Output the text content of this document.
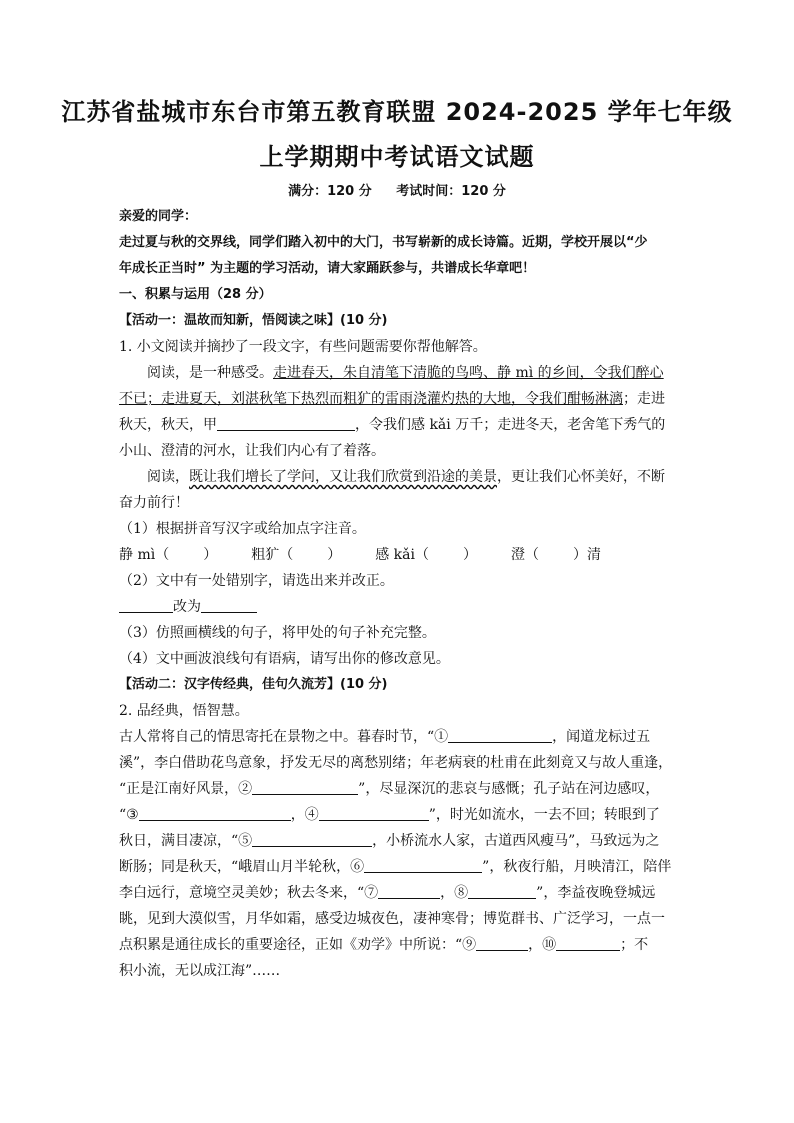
江苏省盐城市东台市第五教育联盟 2024-2025 学年七年级
上学期期中考试语文试题
满分：120 分 考试时间：120 分
亲爱的同学：
走过夏与秋的交界线，同学们踏入初中的大门，书写崭新的成长诗篇。近期，学校开展以“少
年成长正当时” 为主题的学习活动，请大家踊跃参与，共谱成长华章吧！
一、积累与运用（28 分）
【活动一：温故而知新，悟阅读之味】(10 分)
1. 小文阅读并摘抄了一段文字，有些问题需要你帮他解答。
阅读，是一种感受。走进春天，朱自清笔下清脆的鸟鸣、静 mì 的乡间，令我们醉心
不已；走进夏天，刘湛秋笔下热烈而粗犷的雷雨浇灌灼热的大地，令我们酣畅淋漓；走进
秋天，秋天，甲	，令我们感 kǎi 万千；走进冬天，老舍笔下秀气的
小山、澄清的河水，让我们内心有了着落。
阅读，既让我们增长了学问，又让我们欣赏到沿途的美景，更让我们心怀美好，不断
奋力前行！
（1）根据拼音写汉字或给加点字注音。
静 mì（ ） 粗犷（ ） 感 kǎi（ ） 澄（ ）清
（2）文中有一处错别字，请选出来并改正。
改为
（3）仿照画横线的句子，将甲处的句子补充完整。
（4）文中画波浪线句有语病，请写出你的修改意见。
【活动二：汉字传经典，佳句久流芳】(10 分)
2. 品经典，悟智慧。
古人常将自己的情思寄托在景物之中。暮春时节，“①	，闻道龙标过五
溪”，李白借助花鸟意象，抒发无尽的离愁别绪；年老病衰的杜甫在此刻竟又与故人重逢，
“正是江南好风景，②	”，尽显深沉的悲哀与感慨；孔子站在河边感叹，
“③	，④	”，时光如流水，一去不回；转眼到了
秋日，满目凄凉，“⑤	，小桥流水人家，古道西风瘦马”，马致远为之
断肠；同是秋天，“峨眉山月半轮秋，⑥	”，秋夜行船，月映清江，陪伴
李白远行，意境空灵美妙；秋去冬来，“⑦	，⑧	”，李益夜晚登城远
眺，见到大漠似雪，月华如霜，感受边城夜色，凄神寒骨；博览群书、广泛学习，一点一
点积累是通往成长的重要途径，正如《劝学》中所说：“⑨	，⑩	；不
积小流，无以成江海”……
